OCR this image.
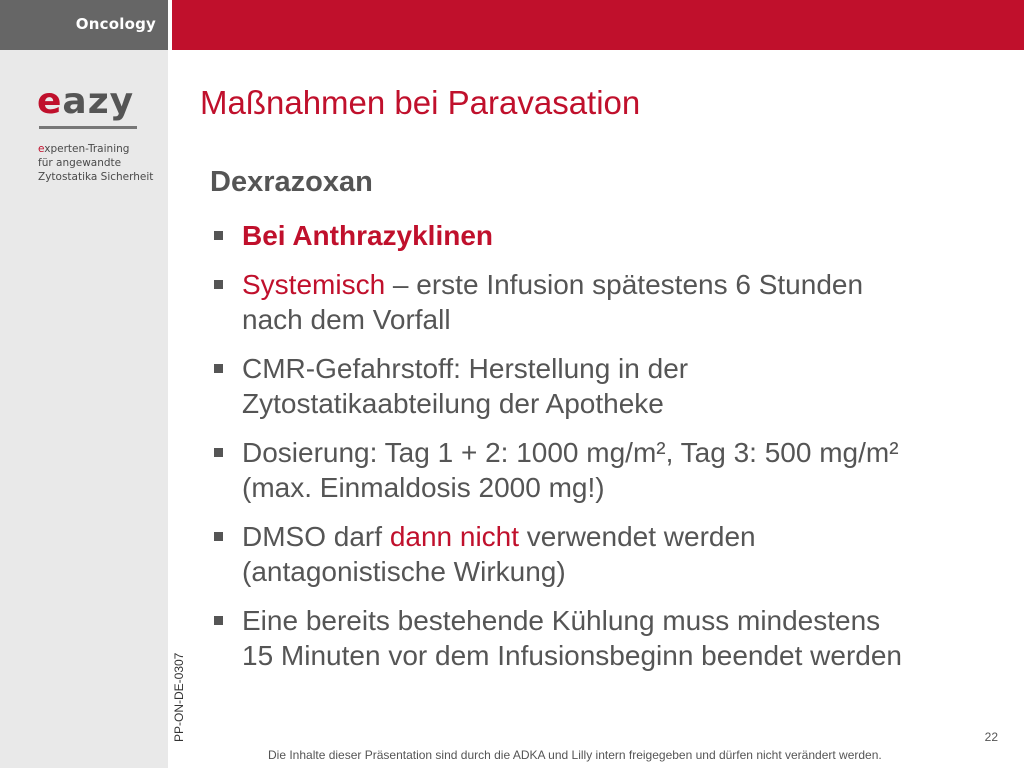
Oncology
eazy
experten-Training
für angewandte
Zytostatika Sicherheit
Maßnahmen bei Paravasation
Dexrazoxan
Bei Anthrazyklinen
Systemisch – erste Infusion spätestens 6 Stunden
nach dem Vorfall
CMR-Gefahrstoff: Herstellung in der
Zytostatikaabteilung der Apotheke
Dosierung: Tag 1 + 2: 1000 mg/m², Tag 3: 500 mg/m²
(max. Einmaldosis 2000 mg!)
DMSO darf dann nicht verwendet werden
(antagonistische Wirkung)
Eine bereits bestehende Kühlung muss mindestens
15 Minuten vor dem Infusionsbeginn beendet werden
PP-ON-DE-0307	22
Die Inhalte dieser Präsentation sind durch die ADKA und Lilly intern freigegeben und dürfen nicht verändert werden.
